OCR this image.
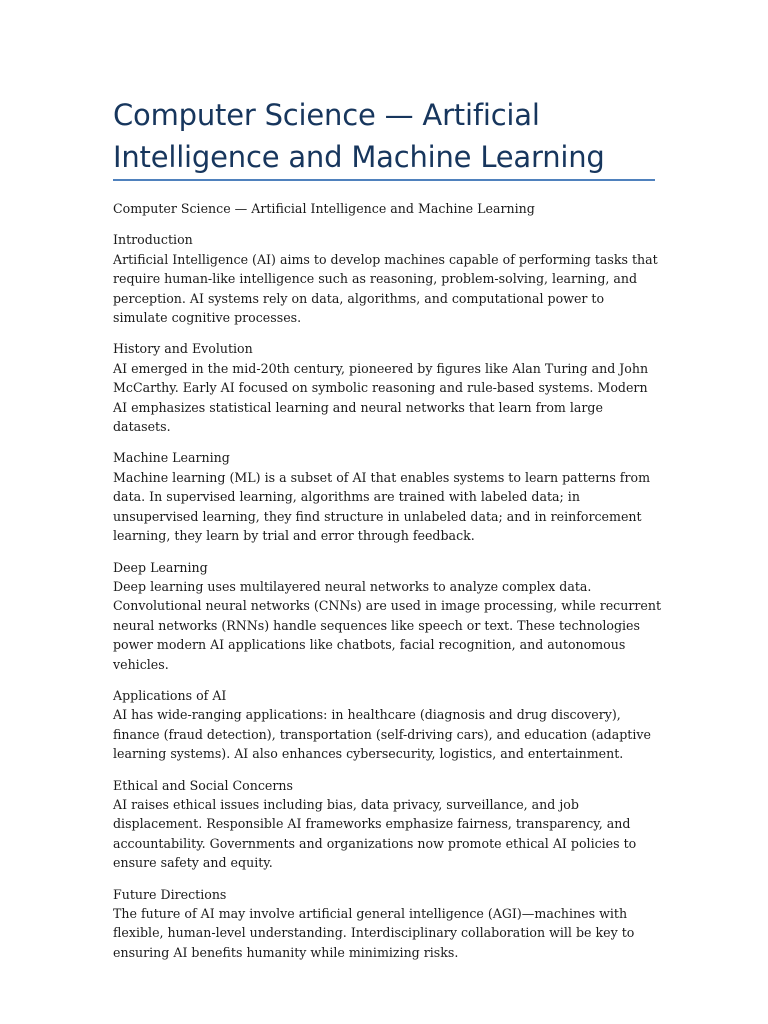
Computer Science — Artificial Intelligence and Machine Learning

Computer Science — Artificial Intelligence and Machine Learning

Introduction
Artificial Intelligence (AI) aims to develop machines capable of performing tasks that require human-like intelligence such as reasoning, problem-solving, learning, and perception. AI systems rely on data, algorithms, and computational power to simulate cognitive processes.
History and Evolution
AI emerged in the mid-20th century, pioneered by figures like Alan Turing and John McCarthy. Early AI focused on symbolic reasoning and rule-based systems. Modern AI emphasizes statistical learning and neural networks that learn from large datasets.
Machine Learning
Machine learning (ML) is a subset of AI that enables systems to learn patterns from data. In supervised learning, algorithms are trained with labeled data; in unsupervised learning, they find structure in unlabeled data; and in reinforcement learning, they learn by trial and error through feedback.
Deep Learning
Deep learning uses multilayered neural networks to analyze complex data. Convolutional neural networks (CNNs) are used in image processing, while recurrent neural networks (RNNs) handle sequences like speech or text. These technologies power modern AI applications like chatbots, facial recognition, and autonomous vehicles.
Applications of AI
AI has wide-ranging applications: in healthcare (diagnosis and drug discovery), finance (fraud detection), transportation (self-driving cars), and education (adaptive learning systems). AI also enhances cybersecurity, logistics, and entertainment.
Ethical and Social Concerns
AI raises ethical issues including bias, data privacy, surveillance, and job displacement. Responsible AI frameworks emphasize fairness, transparency, and accountability. Governments and organizations now promote ethical AI policies to ensure safety and equity.
Future Directions
The future of AI may involve artificial general intelligence (AGI)—machines with flexible, human-level understanding. Interdisciplinary collaboration will be key to ensuring AI benefits humanity while minimizing risks.
